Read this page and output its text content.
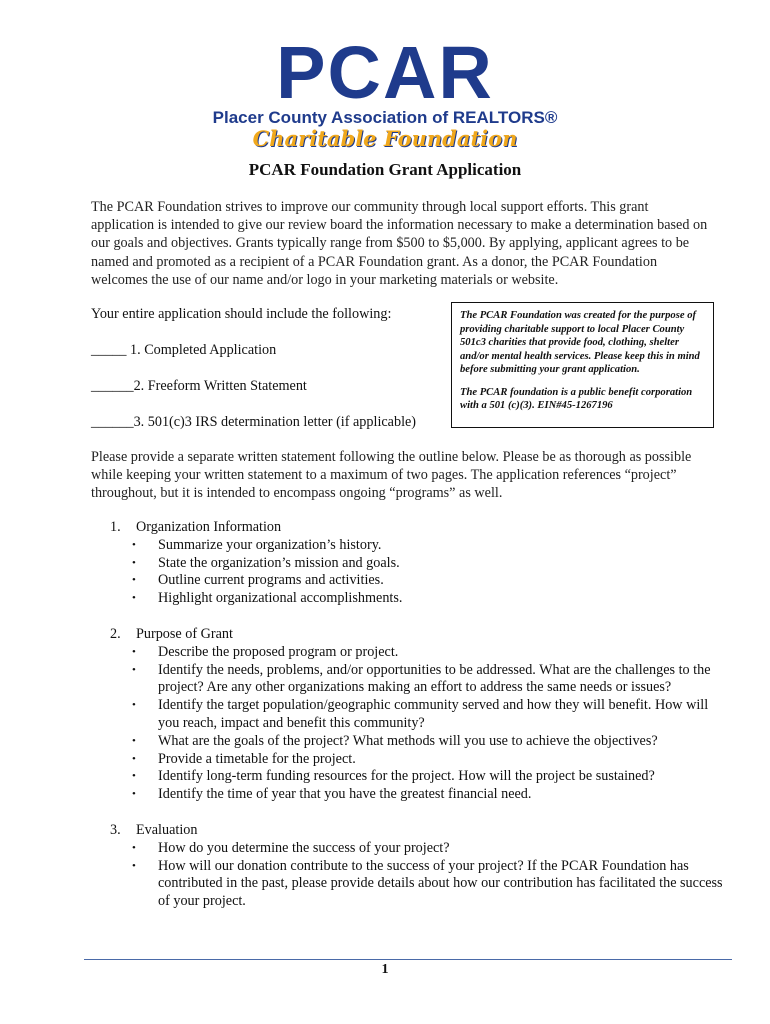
PCAR
Placer County Association of REALTORS®
Charitable Foundation
PCAR Foundation Grant Application
The PCAR Foundation strives to improve our community through local support efforts. This grant application is intended to give our review board the information necessary to make a determination based on our goals and objectives. Grants typically range from $500 to $5,000. By applying, applicant agrees to be named and promoted as a recipient of a PCAR Foundation grant. As a donor, the PCAR Foundation welcomes the use of our name and/or logo in your marketing materials or website.

Your entire application should include the following:

_____ 1. Completed Application

______2. Freeform Written Statement

______3. 501(c)3 IRS determination letter (if applicable)

The PCAR Foundation was created for the purpose of providing charitable support to local Placer County 501c3 charities that provide food, clothing, shelter and/or mental health services. Please keep this in mind before submitting your grant application.

The PCAR foundation is a public benefit corporation with a 501 (c)(3). EIN#45-1267196

Please provide a separate written statement following the outline below. Please be as thorough as possible while keeping your written statement to a maximum of two pages. The application references “project” throughout, but it is intended to encompass ongoing “programs” as well.
1.	Organization Information
•	Summarize your organization’s history.
•	State the organization’s mission and goals.
•	Outline current programs and activities.
•	Highlight organizational accomplishments.
2.	Purpose of Grant
•	Describe the proposed program or project.
•	Identify the needs, problems, and/or opportunities to be addressed. What are the challenges to the project? Are any other organizations making an effort to address the same needs or issues?
•	Identify the target population/geographic community served and how they will benefit. How will you reach, impact and benefit this community?
•	What are the goals of the project? What methods will you use to achieve the objectives?
•	Provide a timetable for the project.
•	Identify long-term funding resources for the project. How will the project be sustained?
•	Identify the time of year that you have the greatest financial need.
3.	Evaluation
•	How do you determine the success of your project?
•	How will our donation contribute to the success of your project? If the PCAR Foundation has contributed in the past, please provide details about how our contribution has facilitated the success of your project.
1
